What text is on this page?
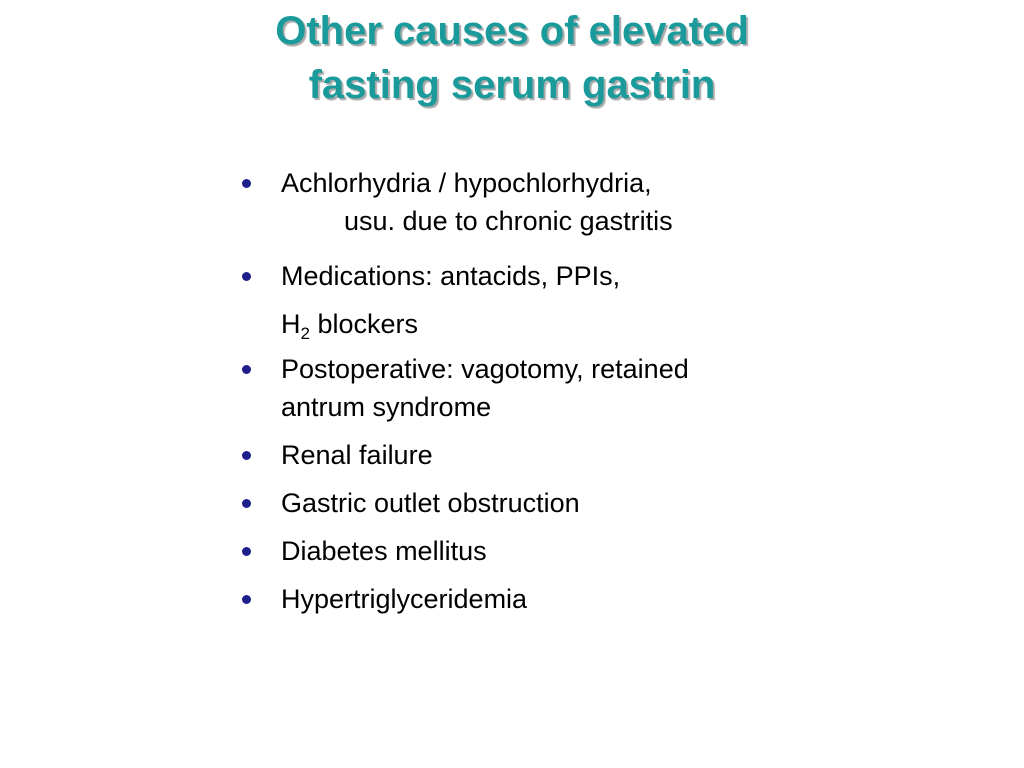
Other causes of elevated
fasting serum gastrin
Achlorhydria / hypochlorhydria,
usu. due to chronic gastritis
Medications: antacids, PPIs,
$H_2$ blockers
Postoperative: vagotomy, retained
antrum syndrome
Renal failure
Gastric outlet obstruction
Diabetes mellitus
Hypertriglyceridemia
